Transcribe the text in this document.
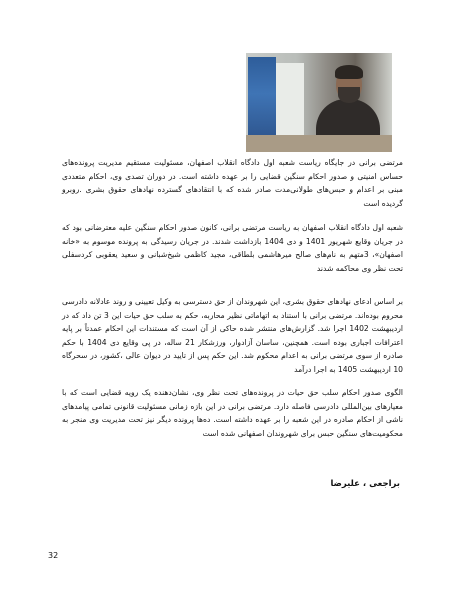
مرتضی برانی در جایگاه ریاست شعبه اول دادگاه انقلاب اصفهان، مسئولیت مستقیم مدیریت پرونده‌های حساس امنیتی و صدور احکام سنگین قضایی را بر عهده داشته است. در دوران تصدی وی، احکام متعددی مبنی بر اعدام و حبس‌های طولانی‌مدت صادر شده که با انتقادهای گسترده نهادهای حقوق بشری .روبرو گردیده است

شعبه اول دادگاه انقلاب اصفهان به ریاست مرتضی برانی، کانون صدور احکام سنگین علیه معترضانی بود که در جریان وقایع شهریور 1401 و دی 1404 بازداشت شدند. در جریان رسیدگی به پرونده موسوم به «خانه اصفهان»، 3متهم به نام‌های صالح میرهاشمی بلطاقی، مجید کاظمی شیخ‌شبانی و سعید یعقوبی کردسفلی تحت نظر وی محاکمه شدند

بر اساس ادعای نهادهای حقوق بشری، این شهروندان از حق دسترسی به وکیل تعیینی و روند عادلانه دادرسی محروم بوده‌اند. مرتضی برانی با استناد به اتهاماتی نظیر محاربه، حکم به سلب حق حیات این 3 تن داد که در اردیبهشت 1402 اجرا شد. گزارش‌های منتشر شده حاکی از آن است که مستندات این احکام عمدتاً بر پایه اعترافات اجباری بوده است. همچنین، ساسان آزادوار، ورزشکار 21 ساله، در پی وقایع دی 1404 با حکم صادره از سوی مرتضی برانی به اعدام محکوم شد. این حکم پس از تایید در دیوان عالی ،کشور، در سحرگاه 10 اردیبهشت 1405 به اجرا درآمد

الگوی صدور احکام سلب حق حیات در پرونده‌های تحت نظر وی، نشان‌دهنده یک رویه قضایی است که با معیارهای بین‌المللی دادرسی فاصله دارد. مرتضی برانی در این بازه زمانی مسئولیت قانونی تمامی پیامدهای ناشی از احکام صادره در این شعبه را بر عهده داشته است. ده‌ها پرونده دیگر نیز تحت مدیریت وی منجر به محکومیت‌های سنگین حبس برای شهروندان اصفهانی شده است

براجعی ، علیرضا

32
